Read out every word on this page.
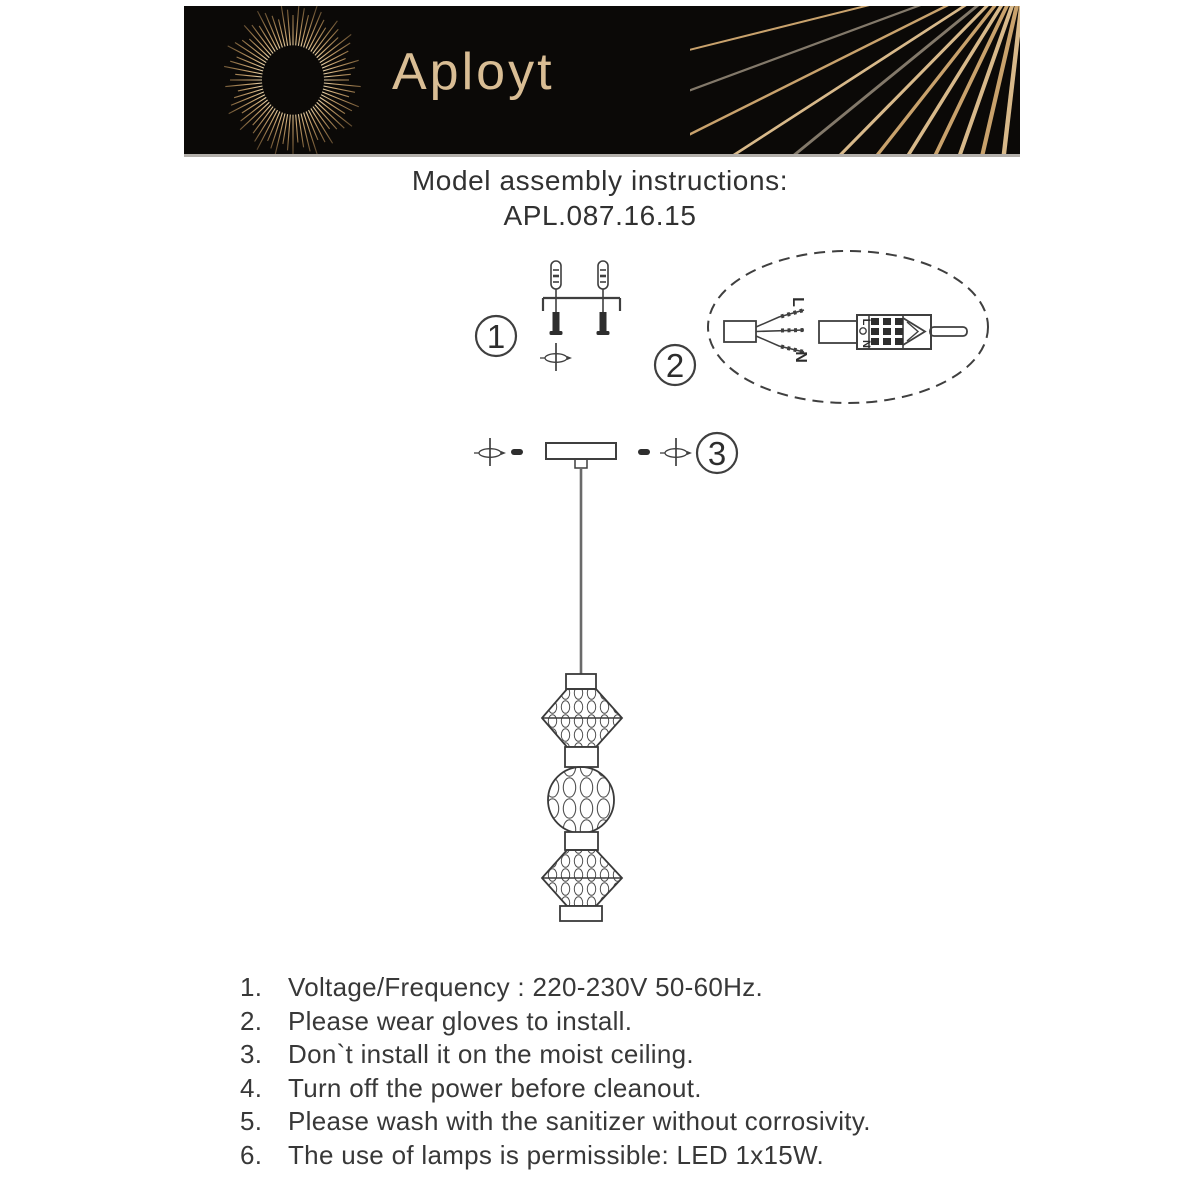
Aployt
Model assembly instructions:
APL.087.16.15
1
L
N
L
N
2
3
1. Voltage/Frequency : 220-230V 50-60Hz.
2. Please wear gloves to install.
3. Don`t install it on the moist ceiling.
4. Turn off the power before cleanout.
5. Please wash with the sanitizer without corrosivity.
6. The use of lamps is permissible: LED 1x15W.
